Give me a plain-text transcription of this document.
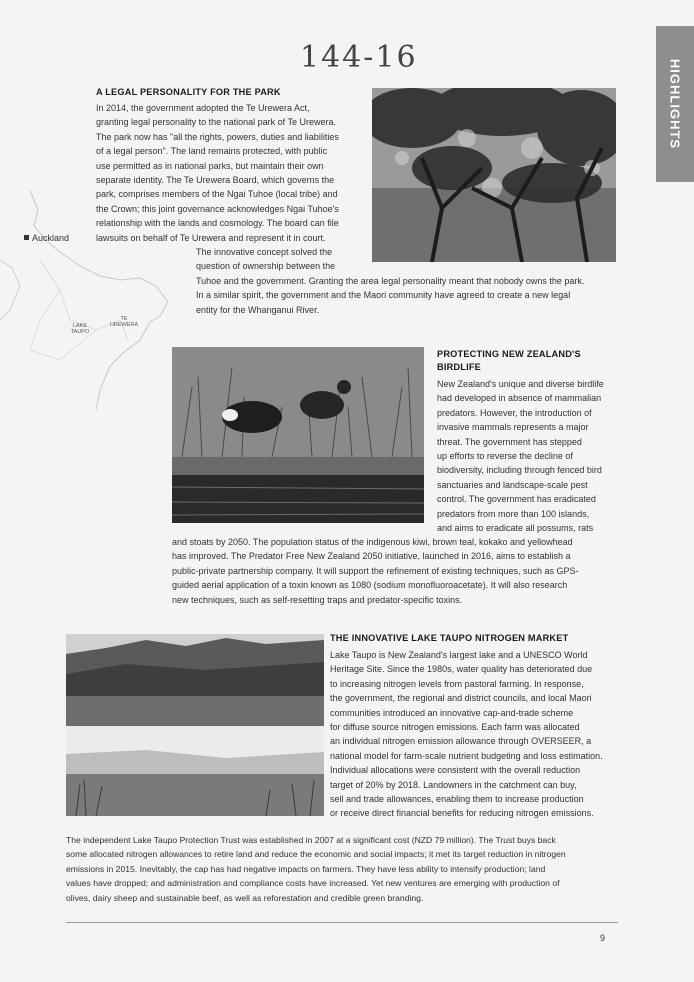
144-16
HIGHLIGHTS
Auckland
LAKE
TAUPO
TE
UREWERA
A LEGAL PERSONALITY FOR THE PARK
In 2014, the government adopted the Te Urewera Act,
granting legal personality to the national park of Te Urewera.
The park now has "all the rights, powers, duties and liabilities
of a legal person". The land remains protected, with public
use permitted as in national parks, but maintain their own
separate identity. The Te Urewera Board, which governs the
park, comprises members of the Ngai Tuhoe (local tribe) and
the Crown; this joint governance acknowledges Ngai Tuhoe's
relationship with the lands and cosmology. The board can file
lawsuits on behalf of Te Urewera and represent it in court.
The innovative concept solved the
question of ownership between the
Tuhoe and the government. Granting the area legal personality meant that nobody owns the park.
In a similar spirit, the government and the Maori community have agreed to create a new legal
entity for the Whanganui River.
PROTECTING NEW ZEALAND'S
BIRDLIFE
New Zealand's unique and diverse birdlife
had developed in absence of mammalian
predators. However, the introduction of
invasive mammals represents a major
threat. The government has stepped
up efforts to reverse the decline of
biodiversity, including through fenced bird
sanctuaries and landscape-scale pest
control. The government has eradicated
predators from more than 100 islands,
and aims to eradicate all possums, rats
and stoats by 2050. The population status of the indigenous kiwi, brown teal, kokako and yellowhead
has improved. The Predator Free New Zealand 2050 initiative, launched in 2016, aims to establish a
public-private partnership company. It will support the refinement of existing techniques, such as GPS-
guided aerial application of a toxin known as 1080 (sodium monofluoroacetate). It will also research
new techniques, such as self-resetting traps and predator-specific toxins.
THE INNOVATIVE LAKE TAUPO NITROGEN MARKET
Lake Taupo is New Zealand's largest lake and a UNESCO World
Heritage Site. Since the 1980s, water quality has deteriorated due
to increasing nitrogen levels from pastoral farming. In response,
the government, the regional and district councils, and local Maori
communities introduced an innovative cap-and-trade scheme
for diffuse source nitrogen emissions. Each farm was allocated
an individual nitrogen emission allowance through OVERSEER, a
national model for farm-scale nutrient budgeting and loss estimation.
Individual allocations were consistent with the overall reduction
target of 20% by 2018. Landowners in the catchment can buy,
sell and trade allowances, enabling them to increase production
or receive direct financial benefits for reducing nitrogen emissions.
The independent Lake Taupo Protection Trust was established in 2007 at a significant cost (NZD 79 million). The Trust buys back
some allocated nitrogen allowances to retire land and reduce the economic and social impacts; it met its target reduction in nitrogen
emissions in 2015. Inevitably, the cap has had negative impacts on farmers. They have less ability to intensify production; land
values have dropped; and administration and compliance costs have increased. Yet new ventures are emerging with production of
olives, dairy sheep and sustainable beef, as well as reforestation and credible green branding.
9
